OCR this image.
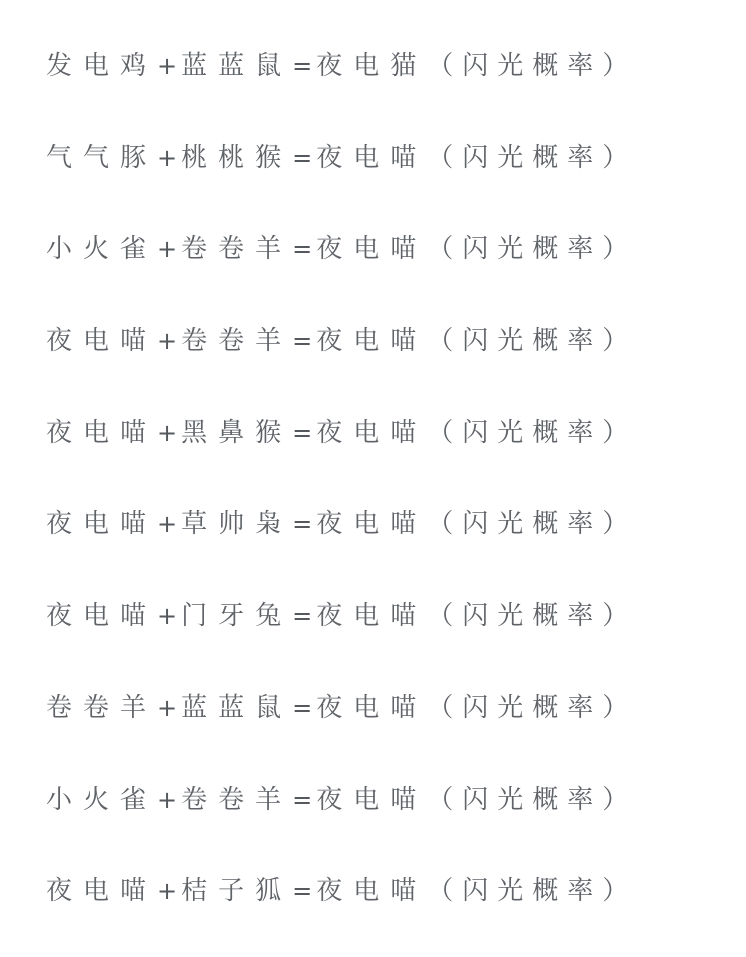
发电鸡 + 蓝蓝鼠 = 夜电猫 （闪光概率）
气气豚 + 桃桃猴 = 夜电喵 （闪光概率）
小火雀 + 卷卷羊 = 夜电喵 （闪光概率）
夜电喵 + 卷卷羊 = 夜电喵 （闪光概率）
夜电喵 + 黑鼻猴 = 夜电喵 （闪光概率）
夜电喵 + 草帅枭 = 夜电喵 （闪光概率）
夜电喵 + 门牙兔 = 夜电喵 （闪光概率）
卷卷羊 + 蓝蓝鼠 = 夜电喵 （闪光概率）
小火雀 + 卷卷羊 = 夜电喵 （闪光概率）
夜电喵 + 桔子狐 = 夜电喵 （闪光概率）
